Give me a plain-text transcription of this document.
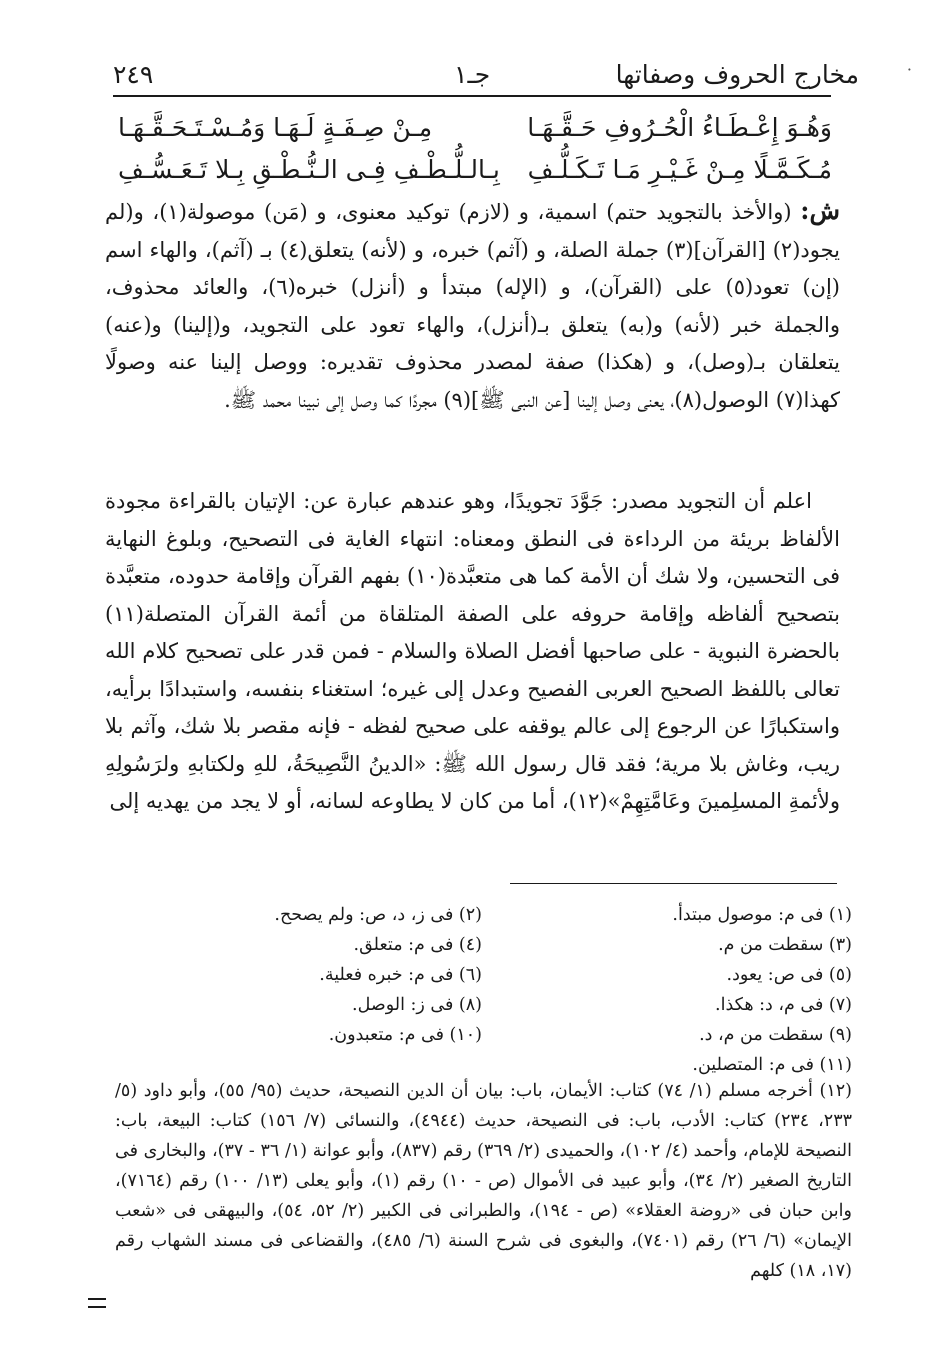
·
مخارج الحروف وصفاتها
جـ١
٢٤٩
وَهُـوَ إِعْـطَـاءُ الْحُـرُوفِ حَـقَّـهَـا
مِـنْ صِـفَـةٍ لَـهَـا وَمُـسْـتَـحَـقَّـهَـا
مُـكَـمَّـلًا مِـنْ غَـيْـرِ مَـا تَـكَـلُّـفِ
بِـالـلُّـطْـفِ فِـى الـنُّـطْـقِ بِـلا تَـعَـسُّـفِ

ش: (والأخذ بالتجويد حتم) اسمية، و (لازم) توكيد معنوى، و (مَن) موصولة(١)، و(لم يجود(٢) [القرآن](٣) جملة الصلة، و (آثم) خبره، و (لأنه) يتعلق(٤) بـ (آثم)، والهاء اسم (إن) تعود(٥) على (القرآن)، و (الإله) مبتدأ و (أنزل) خبره(٦)، والعائد محذوف، والجملة خبر (لأنه) و(به) يتعلق بـ(أنزل)، والهاء تعود على التجويد، و(إلينا) و(عنه) يتعلقان بـ(وصل)، و (هكذا) صفة لمصدر محذوف تقديره: ووصل إلينا عنه وصولًا كهذا(٧) الوصول(٨)، يعنى وصل إلينا [عن النبى ﷺ](٩) مجردًا كما وصل إلى نبينا محمد ﷺ.

اعلم أن التجويد مصدر: جَوَّدَ تجويدًا، وهو عندهم عبارة عن: الإتيان بالقراءة مجودة الألفاظ بريئة من الرداءة فى النطق ومعناه: انتهاء الغاية فى التصحيح، وبلوغ النهاية فى التحسين، ولا شك أن الأمة كما هى متعبَّدة(١٠) بفهم القرآن وإقامة حدوده، متعبَّدة بتصحيح ألفاظه وإقامة حروفه على الصفة المتلقاة من أئمة القرآن المتصلة(١١) بالحضرة النبوية - على صاحبها أفضل الصلاة والسلام - فمن قدر على تصحيح كلام الله تعالى باللفظ الصحيح العربى الفصيح وعدل إلى غيره؛ استغناء بنفسه، واستبدادًا برأيه، واستكبارًا عن الرجوع إلى عالم يوقفه على صحيح لفظه - فإنه مقصر بلا شك، وآثم بلا ريب، وغاش بلا مرية؛ فقد قال رسول الله ﷺ: «الدينُ النَّصِيحَةُ، للهِ ولكتابهِ ولرَسُولِهِ ولأئمةِ المسلِمينَ وعَامَّتِهِمْ»(١٢)، أما من كان لا يطاوعه لسانه، أو لا يجد من يهديه إلى

(١) فى م: موصول مبتدأ.
(٣) سقطت من م.
(٥) فى ص: يعود.
(٧) فى م، د: هكذا.
(٩) سقطت من م، د.
(٢) فى ز، د، ص: ولم يصحح.
(٤) فى م: متعلق.
(٦) فى م: خبره فعلية.
(٨) فى ز: الوصل.
(١٠) فى م: متعبدون.

(١١) فى م: المتصلين.

(١٢) أخرجه مسلم (١/ ٧٤) كتاب: الأيمان، باب: بيان أن الدين النصيحة، حديث (٩٥/ ٥٥)، وأبو داود (٥/ ٢٣٣، ٢٣٤) كتاب: الأدب، باب: فى النصيحة، حديث (٤٩٤٤)، والنسائى (٧/ ١٥٦) كتاب: البيعة، باب: النصيحة للإمام، وأحمد (٤/ ١٠٢)، والحميدى (٢/ ٣٦٩) رقم (٨٣٧)، وأبو عوانة (١/ ٣٦ - ٣٧)، والبخارى فى التاريخ الصغير (٢/ ٣٤)، وأبو عبيد فى الأموال (ص - ١٠) رقم (١)، وأبو يعلى (١٣/ ١٠٠) رقم (٧١٦٤)، وابن حبان فى «روضة العقلاء» (ص - ١٩٤)، والطبرانى فى الكبير (٢/ ٥٢، ٥٤)، والبيهقى فى «شعب الإيمان» (٦/ ٢٦) رقم (٧٤٠١)، والبغوى فى شرح السنة (٦/ ٤٨٥)، والقضاعى فى مسند الشهاب رقم (١٧، ١٨) كلهم
